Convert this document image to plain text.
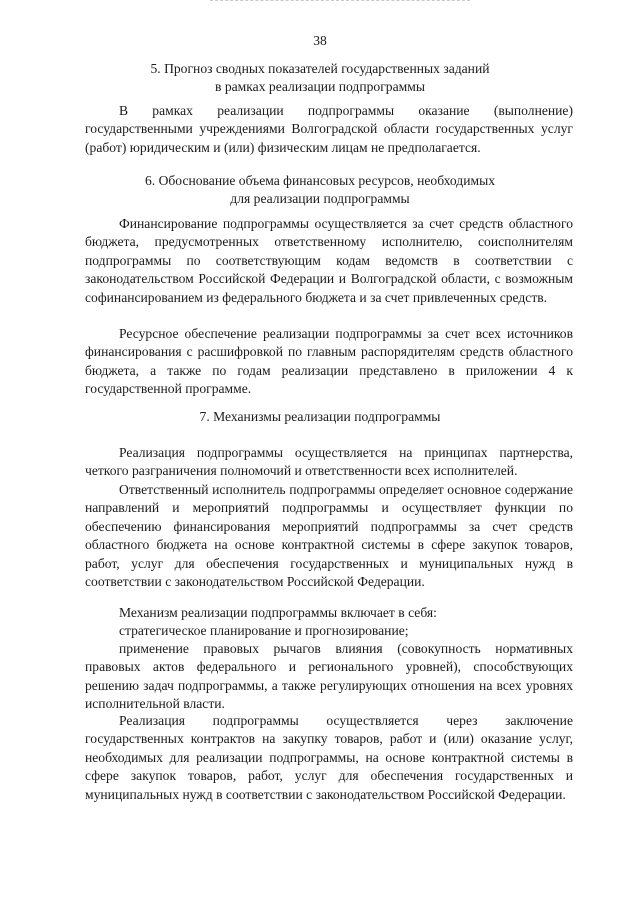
38
5. Прогноз сводных показателей государственных заданий
в рамках реализации подпрограммы
В рамках реализации подпрограммы оказание (выполнение) государственными учреждениями Волгоградской области государственных услуг (работ) юридическим и (или) физическим лицам не предполагается.
6. Обоснование объема финансовых ресурсов, необходимых
для реализации подпрограммы
Финансирование подпрограммы осуществляется за счет средств областного бюджета, предусмотренных ответственному исполнителю, соисполнителям подпрограммы по соответствующим кодам ведомств в соответствии с законодательством Российской Федерации и Волгоградской области, с возможным софинансированием из федерального бюджета и за счет привлеченных средств.
Ресурсное обеспечение реализации подпрограммы за счет всех источников финансирования с расшифровкой по главным распорядителям средств областного бюджета, а также по годам реализации представлено в приложении 4 к государственной программе.
7. Механизмы реализации подпрограммы
Реализация подпрограммы осуществляется на принципах партнерства, четкого разграничения полномочий и ответственности всех исполнителей.
Ответственный исполнитель подпрограммы определяет основное содержание направлений и мероприятий подпрограммы и осуществляет функции по обеспечению финансирования мероприятий подпрограммы за счет средств областного бюджета на основе контрактной системы в сфере закупок товаров, работ, услуг для обеспечения государственных и муниципальных нужд в соответствии с законодательством Российской Федерации.
Механизм реализации подпрограммы включает в себя:
стратегическое планирование и прогнозирование;
применение правовых рычагов влияния (совокупность нормативных правовых актов федерального и регионального уровней), способствующих решению задач подпрограммы, а также регулирующих отношения на всех уровнях исполнительной власти.
Реализация подпрограммы осуществляется через заключение государственных контрактов на закупку товаров, работ и (или) оказание услуг, необходимых для реализации подпрограммы, на основе контрактной системы в сфере закупок товаров, работ, услуг для обеспечения государственных и муниципальных нужд в соответствии с законодательством Российской Федерации.
